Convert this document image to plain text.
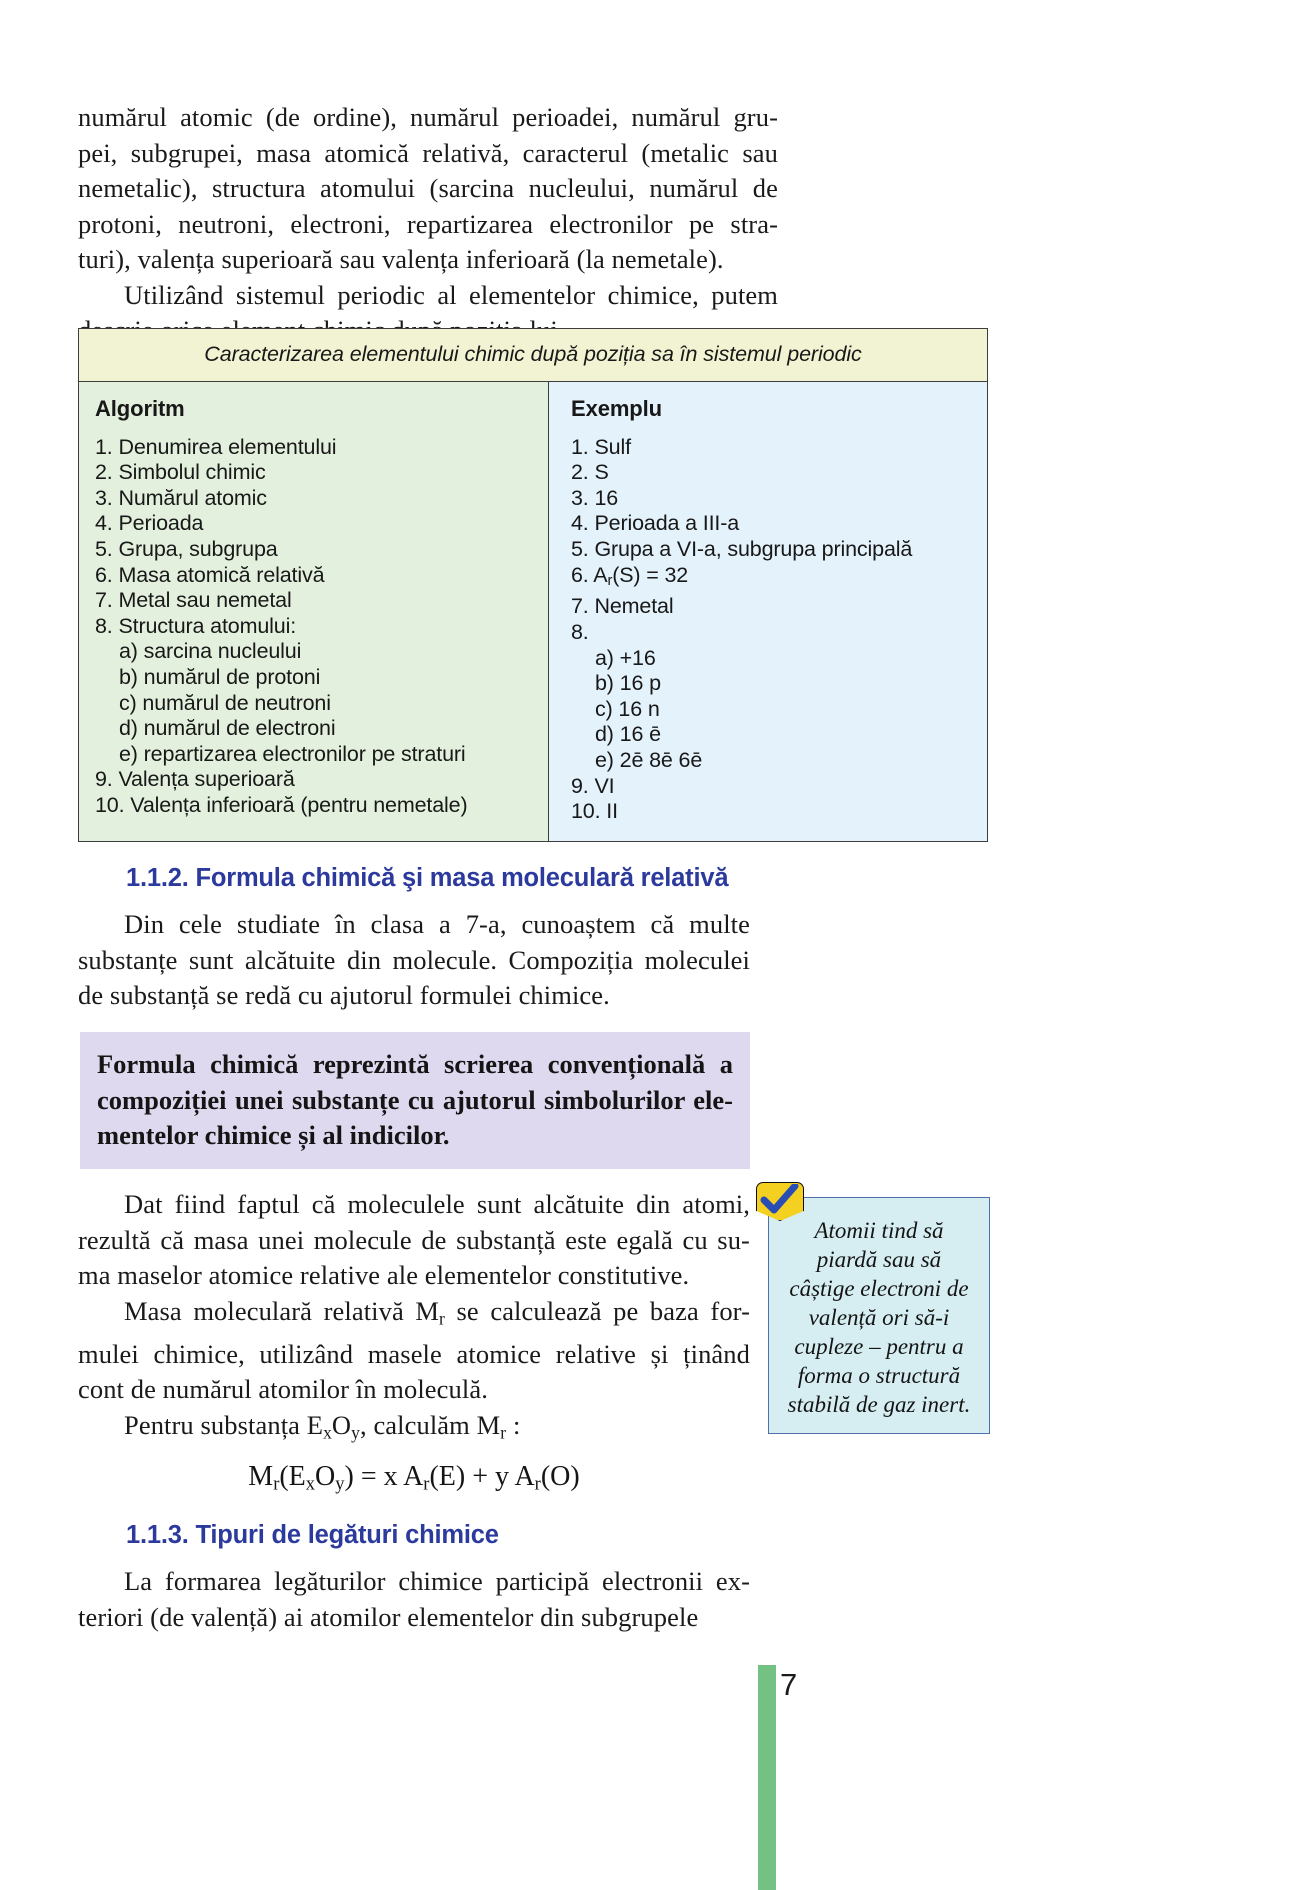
numărul atomic (de ordine), numărul perioadei, numărul gru-
pei, subgrupei, masa atomică relativă, caracterul (metalic sau
nemetalic), structura atomului (sarcina nucleului, numărul de
protoni, neutroni, electroni, repartizarea electronilor pe stra-
turi), valența superioară sau valența inferioară (la nemetale).
Utilizând sistemul periodic al elementelor chimice, putem
Caracterizarea elementului chimic după poziția sa în sistemul periodic
Algoritm
1. Denumirea elementului
2. Simbolul chimic
3. Numărul atomic
4. Perioada
5. Grupa, subgrupa
6. Masa atomică relativă
7. Metal sau nemetal
8. Structura atomului:
a) sarcina nucleului
b) numărul de protoni
c) numărul de neutroni
d) numărul de electroni
e) repartizarea electronilor pe straturi
9. Valența superioară
10. Valența inferioară (pentru nemetale)
Exemplu
1. Sulf
2. S
3. 16
4. Perioada a III-a
5. Grupa a VI-a, subgrupa principală
6. $A_r(S) = 32$
7. Nemetal
8.
a) +16
b) 16 p
c) 16 n
d) 16 ē
e) 2ē 8ē 6ē
9. VI
10. II
1.1.2. Formula chimică şi masa moleculară relativă
Din cele studiate în clasa a 7-a, cunoaștem că multe
substanțe sunt alcătuite din molecule. Compoziția moleculei
de substanță se redă cu ajutorul formulei chimice.
Formula chimică reprezintă scrierea convențională a
compoziției unei substanțe cu ajutorul simbolurilor ele-
mentelor chimice și al indicilor.
Dat fiind faptul că moleculele sunt alcătuite din atomi,
rezultă că masa unei molecule de substanță este egală cu su-
ma maselor atomice relative ale elementelor constitutive.
Masa moleculară relativă $M_r$ se calculează pe baza for-
mulei chimice, utilizând masele atomice relative și ținând
cont de numărul atomilor în moleculă.
Pentru substanța $E_xO_y$, calculăm $M_r$ :
$M_r(E_xO_y) = x$ $A_r(E) + y$ $A_r(O)$
1.1.3. Tipuri de legături chimice
La formarea legăturilor chimice participă electronii ex-
teriori (de valență) ai atomilor elementelor din subgrupele
Atomii tind să
piardă sau să
câștige electroni de
valență ori să-i
cupleze – pentru a
forma o structură
stabilă de gaz inert.
7
